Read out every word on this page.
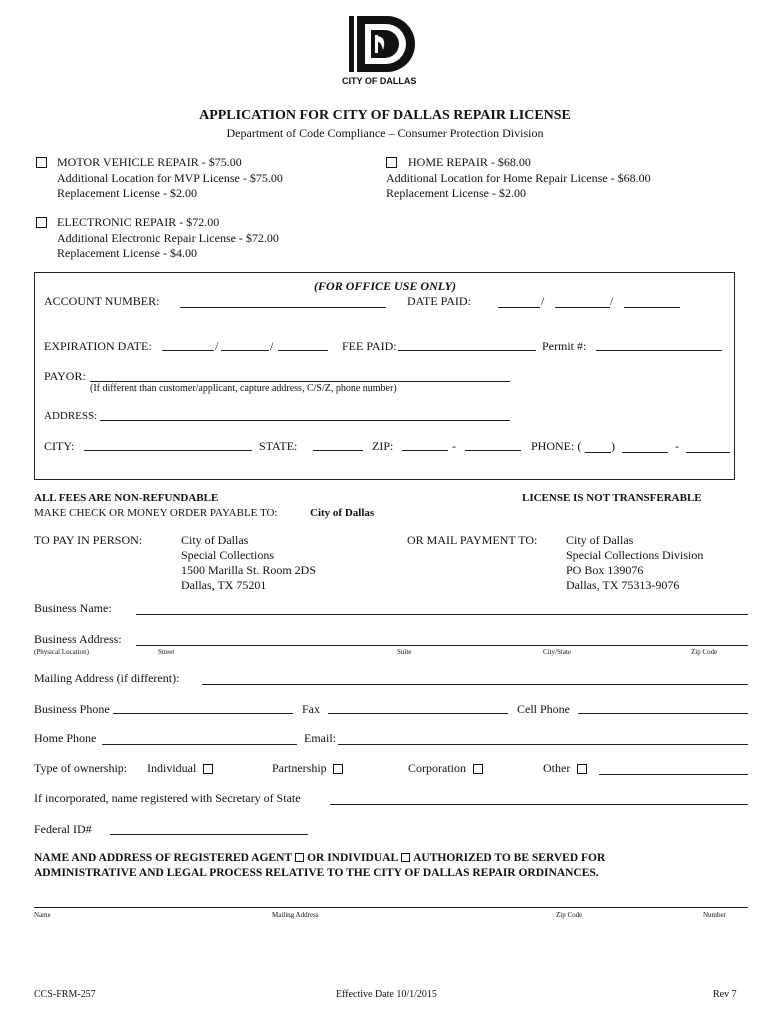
CITY OF DALLAS
APPLICATION FOR CITY OF DALLAS REPAIR LICENSE
Department of Code Compliance – Consumer Protection Division
MOTOR VEHICLE REPAIR - $75.00
Additional Location for MVP License - $75.00
Replacement License - $2.00
HOME REPAIR - $68.00
Additional Location for Home Repair License - $68.00
Replacement License - $2.00
ELECTRONIC REPAIR - $72.00
Additional Electronic Repair License - $72.00
Replacement License - $4.00
(FOR OFFICE USE ONLY)
ACCOUNT NUMBER:	DATE PAID:	/	/
EXPIRATION DATE:	/	/	FEE PAID:	Permit #:
PAYOR:
(If different than customer/applicant, capture address, C/S/Z, phone number)
ADDRESS:
CITY:	STATE:	ZIP:	-	PHONE: ( )	-
ALL FEES ARE NON-REFUNDABLE	LICENSE IS NOT TRANSFERABLE
MAKE CHECK OR MONEY ORDER PAYABLE TO:	City of Dallas
TO PAY IN PERSON:	City of Dallas
Special Collections
1500 Marilla St. Room 2DS
Dallas, TX 75201
OR MAIL PAYMENT TO: City of Dallas
Special Collections Division
PO Box 139076
Dallas, TX 75313-9076
Business Name:
Business Address:
(Physical Location)	Street	Suite	City/State	Zip Code
Mailing Address (if different):
Business Phone	Fax	Cell Phone
Home Phone	Email:
Type of ownership: Individual	Partnership	Corporation	Other
If incorporated, name registered with Secretary of State
Federal ID#
NAME AND ADDRESS OF REGISTERED AGENT OR INDIVIDUAL AUTHORIZED TO BE SERVED FOR
ADMINISTRATIVE AND LEGAL PROCESS RELATIVE TO THE CITY OF DALLAS REPAIR ORDINANCES.
Name	Mailing Address	Zip Code	Number
CCS-FRM-257	Effective Date 10/1/2015	Rev 7
